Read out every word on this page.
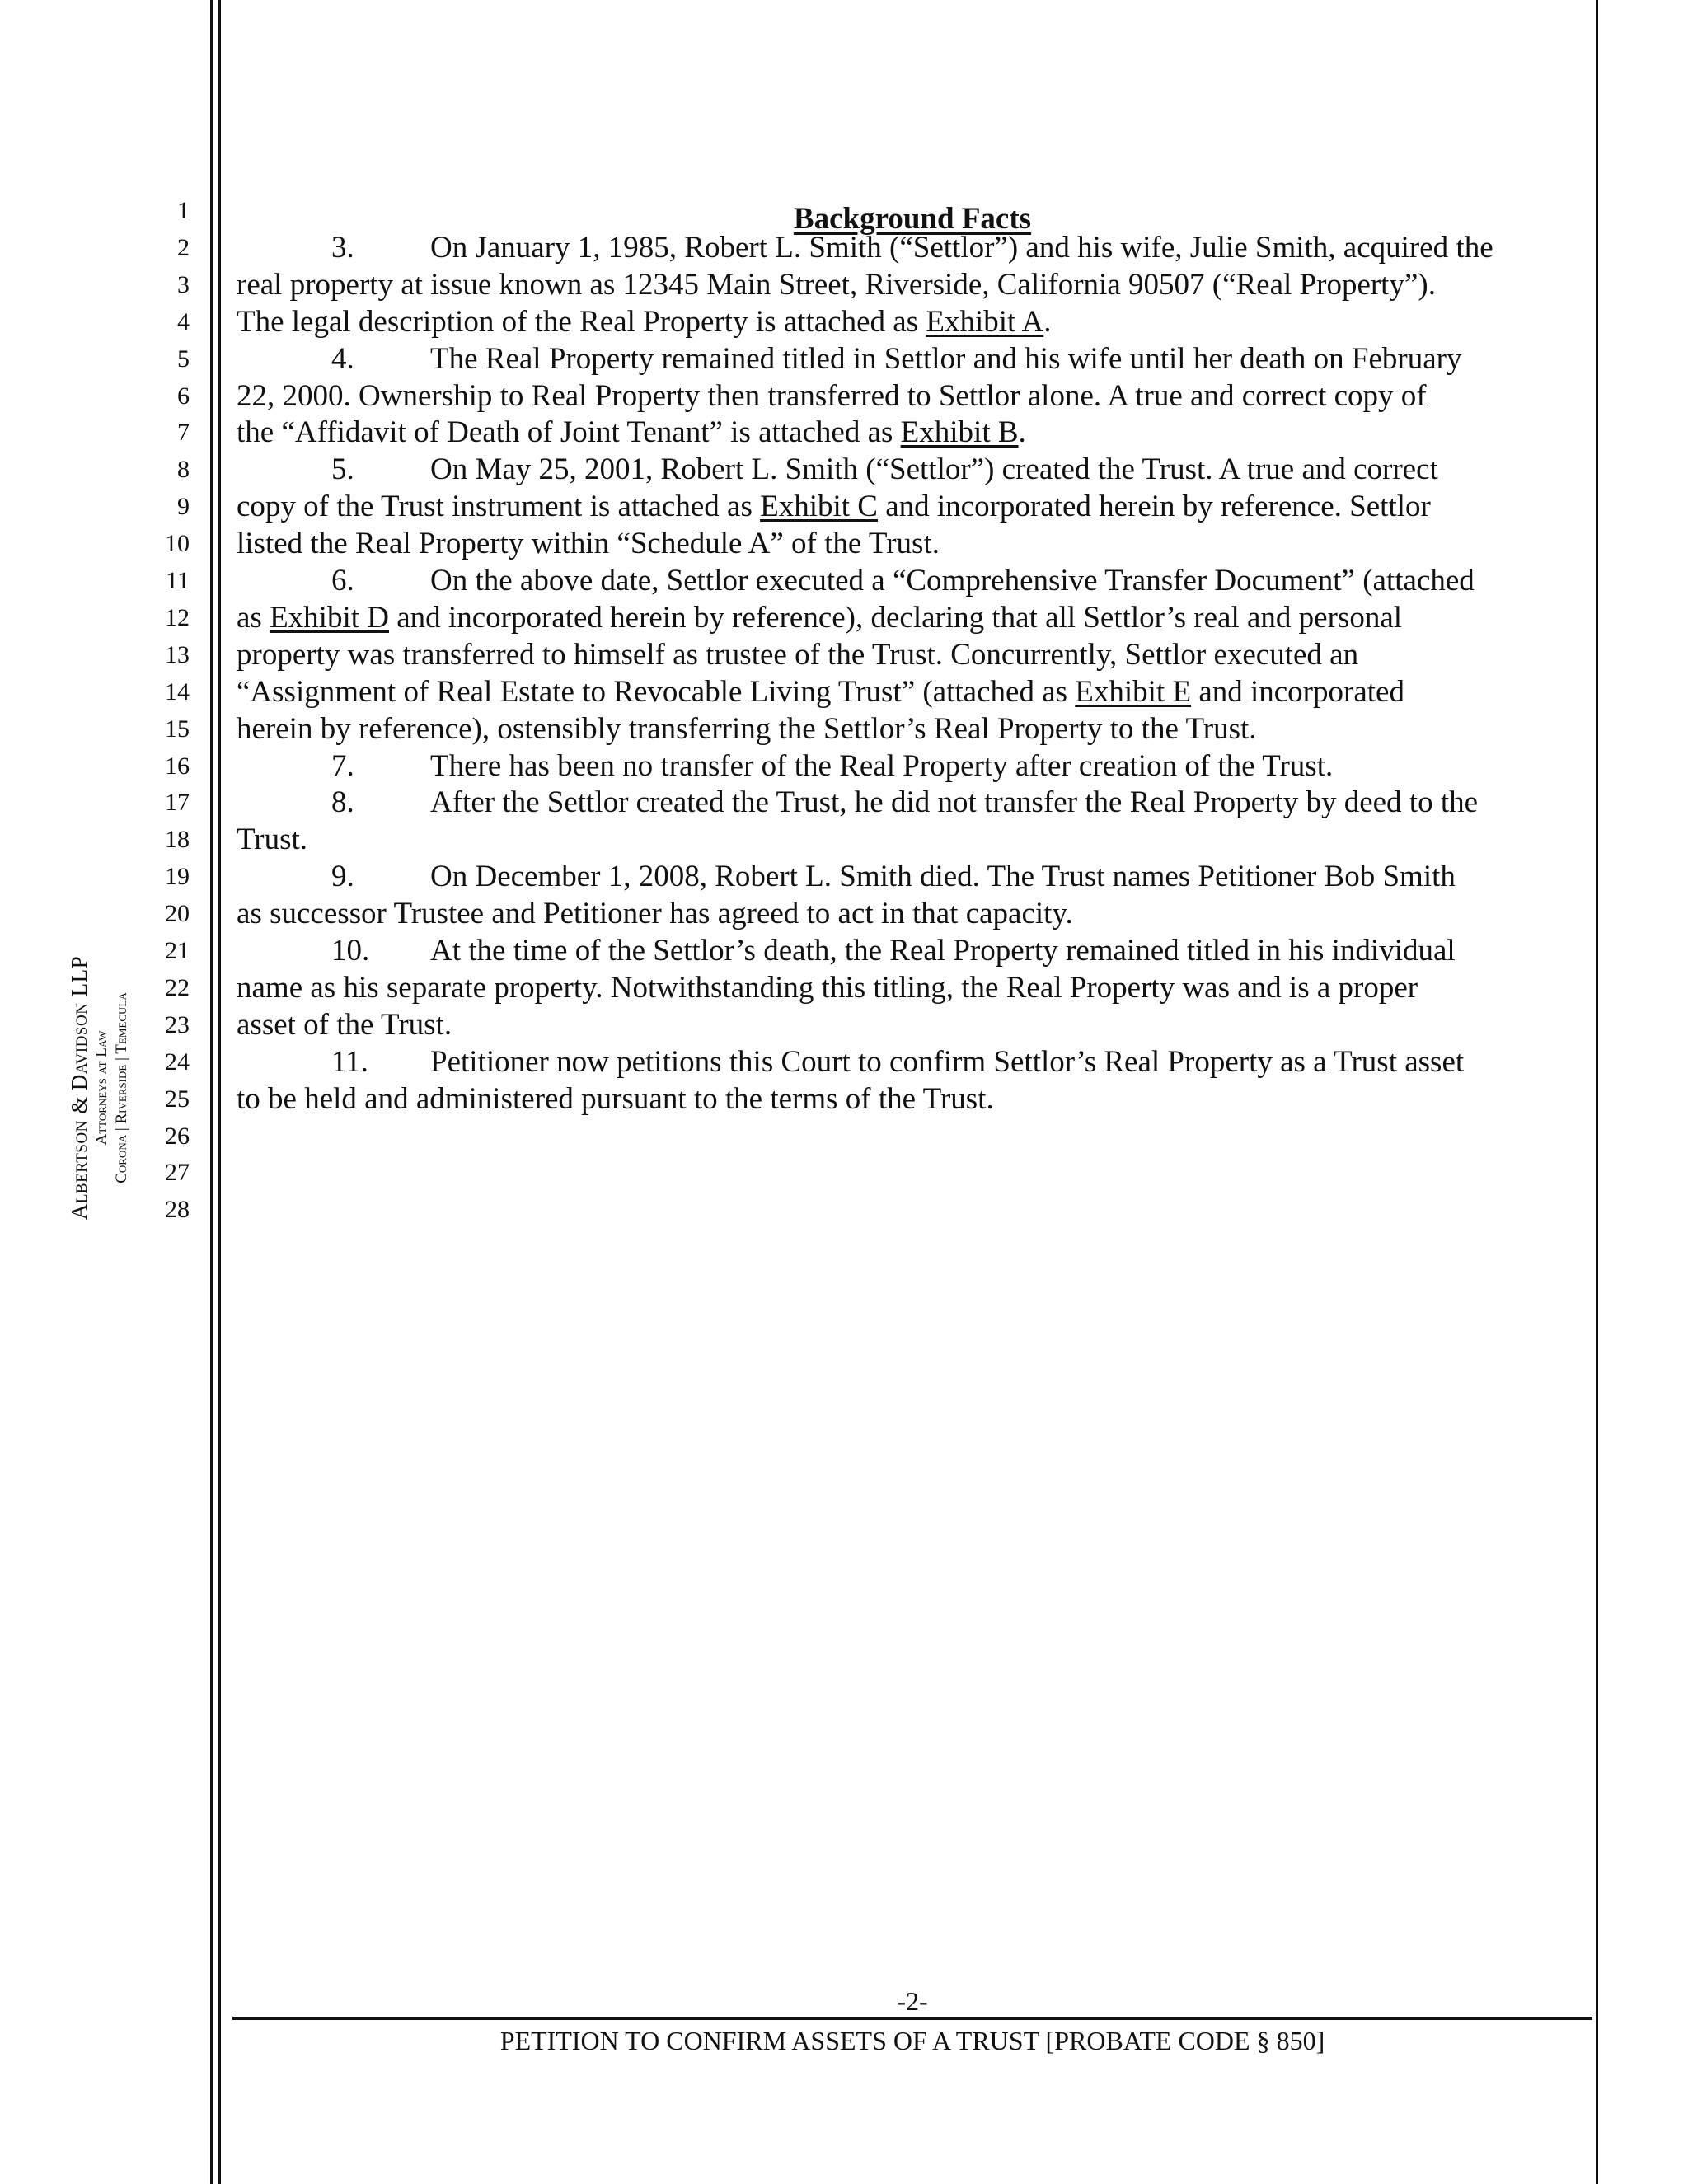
Albertson & Davidson LLP Attorneys at Law Corona | Riverside | Temecula
1
2
3
4
5
6
7
8
9
10
11
12
13
14
15
16
17
18
19
20
21
22
23
24
25
26
27
28
Background Facts
3. On January 1, 1985, Robert L. Smith (“Settlor”) and his wife, Julie Smith, acquired the
real property at issue known as 12345 Main Street, Riverside, California 90507 (“Real Property”).
The legal description of the Real Property is attached as Exhibit A.
4. The Real Property remained titled in Settlor and his wife until her death on February
22, 2000. Ownership to Real Property then transferred to Settlor alone. A true and correct copy of
the “Affidavit of Death of Joint Tenant” is attached as Exhibit B.
5. On May 25, 2001, Robert L. Smith (“Settlor”) created the Trust. A true and correct
copy of the Trust instrument is attached as Exhibit C and incorporated herein by reference. Settlor
listed the Real Property within “Schedule A” of the Trust.
6. On the above date, Settlor executed a “Comprehensive Transfer Document” (attached
as Exhibit D and incorporated herein by reference), declaring that all Settlor’s real and personal
property was transferred to himself as trustee of the Trust. Concurrently, Settlor executed an
“Assignment of Real Estate to Revocable Living Trust” (attached as Exhibit E and incorporated
herein by reference), ostensibly transferring the Settlor’s Real Property to the Trust.
7. There has been no transfer of the Real Property after creation of the Trust.
8. After the Settlor created the Trust, he did not transfer the Real Property by deed to the
Trust.
9. On December 1, 2008, Robert L. Smith died. The Trust names Petitioner Bob Smith
as successor Trustee and Petitioner has agreed to act in that capacity.
10. At the time of the Settlor’s death, the Real Property remained titled in his individual
name as his separate property. Notwithstanding this titling, the Real Property was and is a proper
asset of the Trust.
11. Petitioner now petitions this Court to confirm Settlor’s Real Property as a Trust asset
to be held and administered pursuant to the terms of the Trust.
-2-
PETITION TO CONFIRM ASSETS OF A TRUST [PROBATE CODE § 850]
